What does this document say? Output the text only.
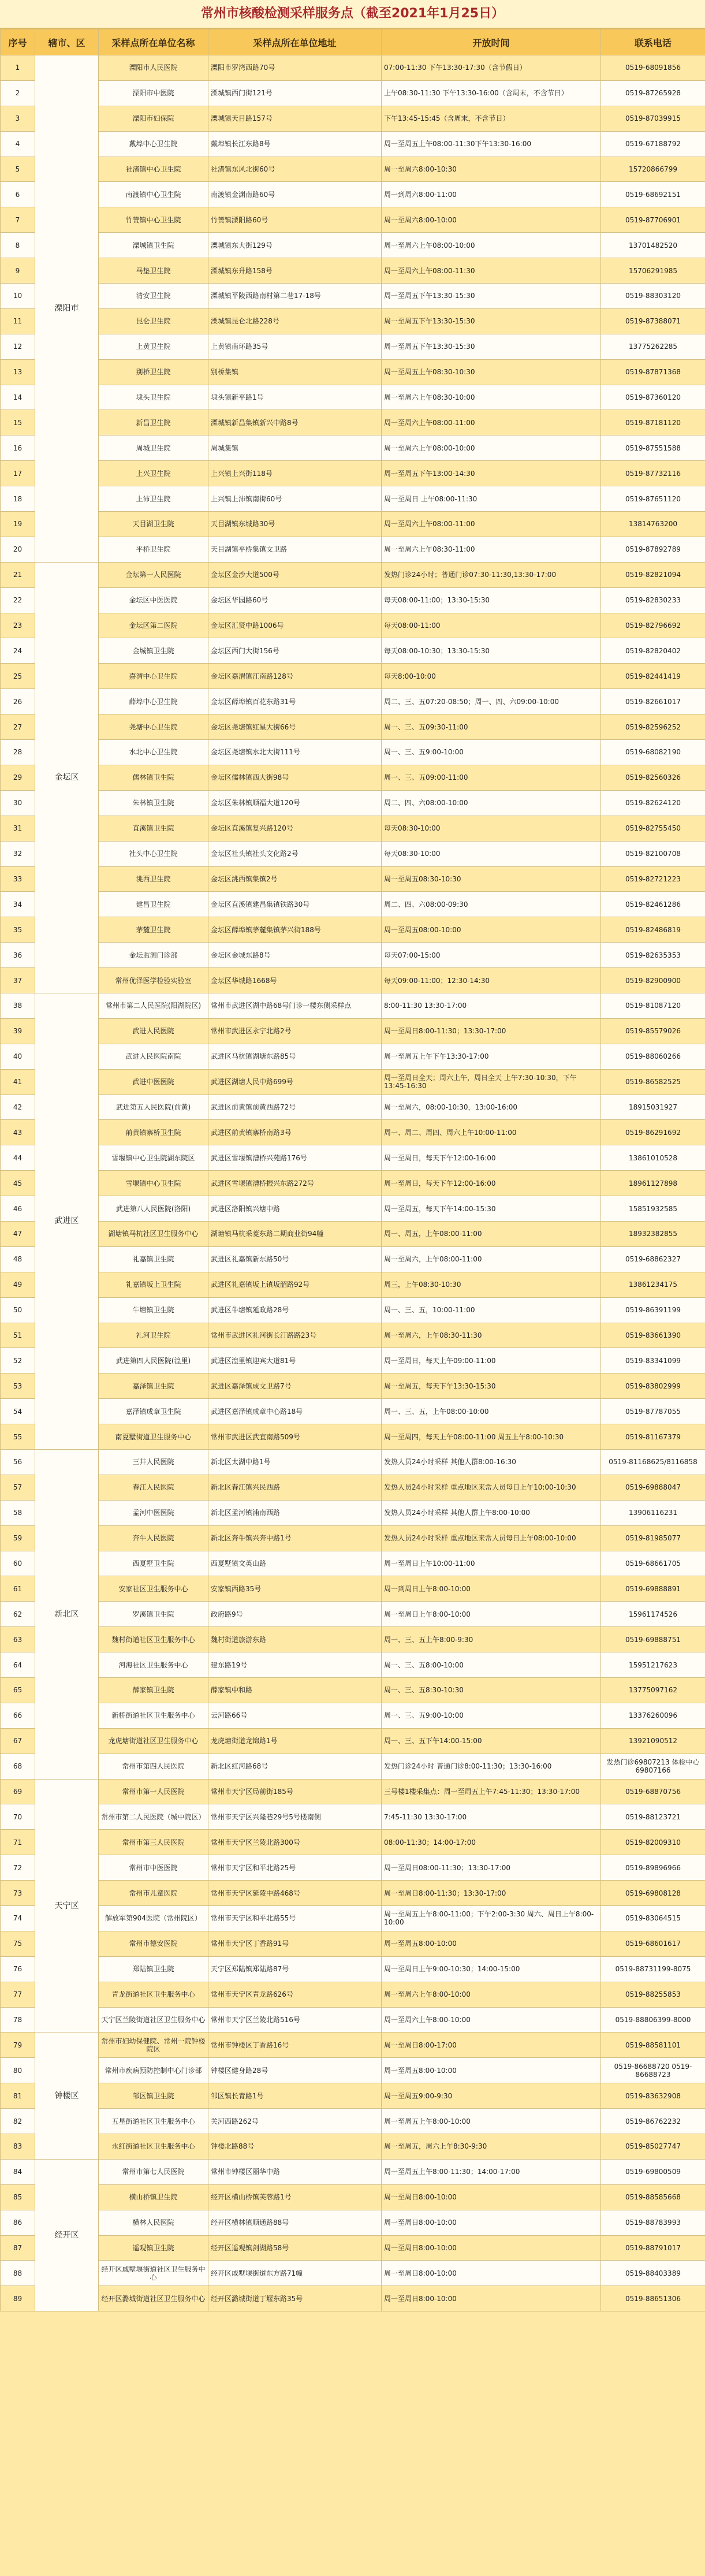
常州市核酸检测采样服务点（截至2021年1月25日）
序号	辖市、区	采样点所在单位名称	采样点所在单位地址	开放时间	联系电话
1	溧阳市	溧阳市人民医院	溧阳市罗湾西路70号	07:00-11:30 下午13:30-17:30（含节假日）	0519-68091856
2		溧阳市中医院	溧城镇西门街121号	上午08:30-11:30 下午13:30-16:00（含周末，不含节日）	0519-87265928
3		溧阳市妇保院	溧城镇天目路157号	下午13:45-15:45（含周末，不含节日）	0519-87039915
4		戴埠中心卫生院	戴埠镇长江东路8号	周一至周五上午08:00-11:30下午13:30-16:00	0519-67188792
5		社渚镇中心卫生院	社渚镇东风北街60号	周一至周六8:00-10:30	15720866799
6		南渡镇中心卫生院	南渡镇金渊南路60号	周一到周六8:00-11:00	0519-68692151
7		竹箦镇中心卫生院	竹箦镇溧阳路60号	周一至周六8:00-10:00	0519-87706901
8		溧城镇卫生院	溧城镇东大街129号	周一至周六上午08:00-10:00	13701482520
9		马垫卫生院	溧城镇东升路158号	周一至周六上午08:00-11:30	15706291985
10		清安卫生院	溧城镇平陵西路南村第二巷17-18号	周一至周五下午13:30-15:30	0519-88303120
11		昆仑卫生院	溧城镇昆仑北路228号	周一至周五下午13:30-15:30	0519-87388071
12		上黄卫生院	上黄镇南环路35号	周一至周五下午13:30-15:30	13775262285
13		别桥卫生院	别桥集镇	周一至周五上午08:30-10:30	0519-87871368
14		埭头卫生院	埭头镇新平路1号	周一至周六上午08:30-10:00	0519-87360120
15		新昌卫生院	溧城镇新昌集镇新兴中路8号	周一至周六上午08:00-11:00	0519-87181120
16		周城卫生院	周城集镇	周一至周六上午08:00-10:00	0519-87551588
17		上兴卫生院	上兴镇上兴街118号	周一至周五下午13:00-14:30	0519-87732116
18		上沛卫生院	上兴镇上沛镇南街60号	周一至周日 上午08:00-11:30	0519-87651120
19		天目湖卫生院	天目湖镇东城路30号	周一至周六上午08:00-11:00	13814763200
20		平桥卫生院	天目湖镇平桥集镇文卫路	周一至周六上午08:30-11:00	0519-87892789
21	金坛区	金坛第一人民医院	金坛区金沙大道500号	发热门诊24小时；普通门诊07:30-11:30,13:30-17:00	0519-82821094
22		金坛区中医医院	金坛区华园路60号	每天08:00-11:00；13:30-15:30	0519-82830233
23		金坛区第二医院	金坛区汇贤中路1006号	每天08:00-11:00	0519-82796692
24		金城镇卫生院	金坛区西门大街156号	每天08:00-10:30；13:30-15:30	0519-82820402
25		嘉渭中心卫生院	金坛区嘉渭镇江南路128号	每天8:00-10:00	0519-82441419
26		薛埠中心卫生院	金坛区薛埠镇百花东路31号	周二、三、五07:20-08:50；周一、四、六09:00-10:00	0519-82661017
27		尧塘中心卫生院	金坛区尧塘镇红星大街66号	周一、三、五09:30-11:00	0519-82596252
28		水北中心卫生院	金坛区尧塘镇水北大街111号	周一、三、五9:00-10:00	0519-68082190
29		儒林镇卫生院	金坛区儒林镇西大街98号	周一、三、五09:00-11:00	0519-82560326
30		朱林镇卫生院	金坛区朱林镇顺福大道120号	周二、四、六08:00-10:00	0519-82624120
31		直溪镇卫生院	金坛区直溪镇复兴路120号	每天08:30-10:00	0519-82755450
32		社头中心卫生院	金坛区社头镇社头文化路2号	每天08:30-10:00	0519-82100708
33		洮西卫生院	金坛区洮西镇集镇2号	周一至周五08:30-10:30	0519-82721223
34		建昌卫生院	金坛区直溪镇建昌集镇铁路30号	周二、四、六08:00-09:30	0519-82461286
35		茅麓卫生院	金坛区薛埠镇茅麓集镇茅兴街188号	周一至周五08:00-10:00	0519-82486819
36		金坛监测门诊部	金坛区金城东路8号	每天07:00-15:00	0519-82635353
37		常州优泽医学检验实验室	金坛区华城路1668号	每天09:00-11:00；12:30-14:30	0519-82900900
38	武进区	常州市第二人民医院(阳湖院区)	常州市武进区湖中路68号门诊一楼东侧采样点	8:00-11:30 13:30-17:00	0519-81087120
39		武进人民医院	常州市武进区永宁北路2号	周一至周日8:00-11:30；13:30-17:00	0519-85579026
40		武进人民医院南院	武进区马杭镇湖塘东路85号	周一至周五上午下午13:30-17:00	0519-88060266
41		武进中医医院	武进区湖塘人民中路699号	周一至周日全天；周六上午，周日全天 上午7:30-10:30，下午13:45-16:30	0519-86582525
42		武进第五人民医院(前黄)	武进区前黄镇前黄西路72号	周一至周六，08:00-10:30，13:00-16:00	18915031927
43		前黄镇寨桥卫生院	武进区前黄镇寨桥南路3号	周一、周二、周四、周六上午10:00-11:00	0519-86291692
44		雪堰镇中心卫生院湖东院区	武进区雪堰镇漕桥兴苑路176号	周一至周日，每天下午12:00-16:00	13861010528
45		雪堰镇中心卫生院	武进区雪堰镇漕桥振兴东路272号	周一至周日，每天下午12:00-16:00	18961127898
46		武进第八人民医院(洛阳)	武进区洛阳镇兴塘中路	周一至周五，每天下午14:00-15:30	15851932585
47		湖塘镇马杭社区卫生服务中心	湖塘镇马杭采菱东路二期商业街94幢	周一、周五，上午08:00-11:00	18932382855
48		礼嘉镇卫生院	武进区礼嘉镇新东路50号	周一至周六，上午08:00-11:00	0519-68862327
49		礼嘉镇坂上卫生院	武进区礼嘉镇坂上镇坂韶路92号	周三，上午08:30-10:30	13861234175
50		牛塘镇卫生院	武进区牛塘镇延政路28号	周一、三、五，10:00-11:00	0519-86391199
51		礼河卫生院	常州市武进区礼河街长汀路路23号	周一至周六，上午08:30-11:30	0519-83661390
52		武进第四人民医院(湟里)	武进区湟里镇迎宾大道81号	周一至周日，每天上午09:00-11:00	0519-83341099
53		嘉泽镇卫生院	武进区嘉泽镇成文卫路7号	周一至周五，每天下午13:30-15:30	0519-83802999
54		嘉泽镇成章卫生院	武进区嘉泽镇成章中心路18号	周一、三、五，上午08:00-10:00	0519-87787055
55		南夏墅街道卫生服务中心	常州市武进区武宜南路509号	周一至周四，每天上午08:00-11:00 周五上午8:00-10:30	0519-81167379
56	新北区	三井人民医院	新北区太湖中路1号	发热人员24小时采样 其他人群8:00-16:30	0519-81168625/8116858
57		春江人民医院	新北区春江镇兴民西路	发热人员24小时采样 重点地区来常人员每日上午10:00-10:30	0519-69888047
58		孟河中医医院	新北区孟河镇浦南西路	发热人员24小时采样 其他人群上午8:00-10:00	13906116231
59		奔牛人民医院	新北区奔牛镇兴奔中路1号	发热人员24小时采样 重点地区来常人员每日上午08:00-10:00	0519-81985077
60		西夏墅卫生院	西夏墅镇文英山路	周一至周日上午10:00-11:00	0519-68661705
61		安家社区卫生服务中心	安家镇西路35号	周一到周日上午8:00-10:00	0519-69888891
62		罗溪镇卫生院	政府路9号	周一至周日上午8:00-10:00	15961174526
63		魏村街道社区卫生服务中心	魏村街道旅游东路	周一、三、五上午8:00-9:30	0519-69888751
64		河海社区卫生服务中心	建东路19号	周一、三、五8:00-10:00	15951217623
65		薛家镇卫生院	薛家镇中和路	周一、三、五8:30-10:30	13775097162
66		新桥街道社区卫生服务中心	云河路66号	周一、三、五9:00-10:00	13376260096
67		龙虎塘街道社区卫生服务中心	龙虎塘街道龙锦路1号	周一、三、五下午14:00-15:00	13921090512
68		常州市第四人民医院	新北区红河路68号	发热门诊24小时 普通门诊8:00-11:30；13:30-16:00	发热门诊69807213 体检中心69807166
69	天宁区	常州市第一人民医院	常州市天宁区局前街185号	三号楼1楼采集点：周一至周五上午7:45-11:30；13:30-17:00	0519-68870756
70		常州市第二人民医院（城中院区）	常州市天宁区兴隆巷29号5号楼南侧	7:45-11:30 13:30-17:00	0519-88123721
71		常州市第三人民医院	常州市天宁区兰陵北路300号	08:00-11:30；14:00-17:00	0519-82009310
72		常州市中医医院	常州市天宁区和平北路25号	周一至周日08:00-11:30；13:30-17:00	0519-89896966
73		常州市儿童医院	常州市天宁区延陵中路468号	周一至周日8:00-11:30；13:30-17:00	0519-69808128
74		解放军第904医院（常州院区）	常州市天宁区和平北路55号	周一至周五上午8:00-11:00；下午2:00-3:30 周六、周日上午8:00-10:00	0519-83064515
75		常州市德安医院	常州市天宁区丁香路91号	周一至周五8:00-10:00	0519-68601617
76		郑陆镇卫生院	天宁区郑陆镇郑陆路87号	周一至周日上午9:00-10:30；14:00-15:00	0519-88731199-8075
77		青龙街道社区卫生服务中心	常州市天宁区青龙路626号	周一至周六上午8:00-10:00	0519-88255853
78		天宁区兰陵街道社区卫生服务中心	常州市天宁区兰陵北路516号	周一至周六上午8:00-10:00	0519-88806399-8000
79	钟楼区	常州市妇幼保健院、常州一院钟楼院区	常州市钟楼区丁香路16号	周一至周日8:00-17:00	0519-88581101
80		常州市疾病预防控制中心门诊部	钟楼区健身路28号	周一至周五8:00-10:00	0519-86688720 0519-86688723
81		邹区镇卫生院	邹区镇长青路1号	周一至周五9:00-9:30	0519-83632908
82		五星街道社区卫生服务中心	关河西路262号	周一至周五上午8:00-10:00	0519-86762232
83		永红街道社区卫生服务中心	钟楼北路88号	周一至周五，周六上午8:30-9:30	0519-85027747
84	经开区	常州市第七人民医院	常州市钟楼区丽华中路	周一至周五上午8:00-11:30；14:00-17:00	0519-69800509
85		横山桥镇卫生院	经开区横山桥镇芙蓉路1号	周一至周日8:00-10:00	0519-88585668
86		横林人民医院	经开区横林镇顺通路88号	周一至周日8:00-10:00	0519-88783993
87		遥观镇卫生院	经开区遥观镇剑湖路58号	周一至周日8:00-10:00	0519-88791017
88		经开区戚墅堰街道社区卫生服务中心	经开区戚墅堰街道东方路71幢	周一至周日8:00-10:00	0519-88403389
89		经开区潞城街道社区卫生服务中心	经开区潞城街道丁堰东路35号	周一至周日8:00-10:00	0519-88651306
